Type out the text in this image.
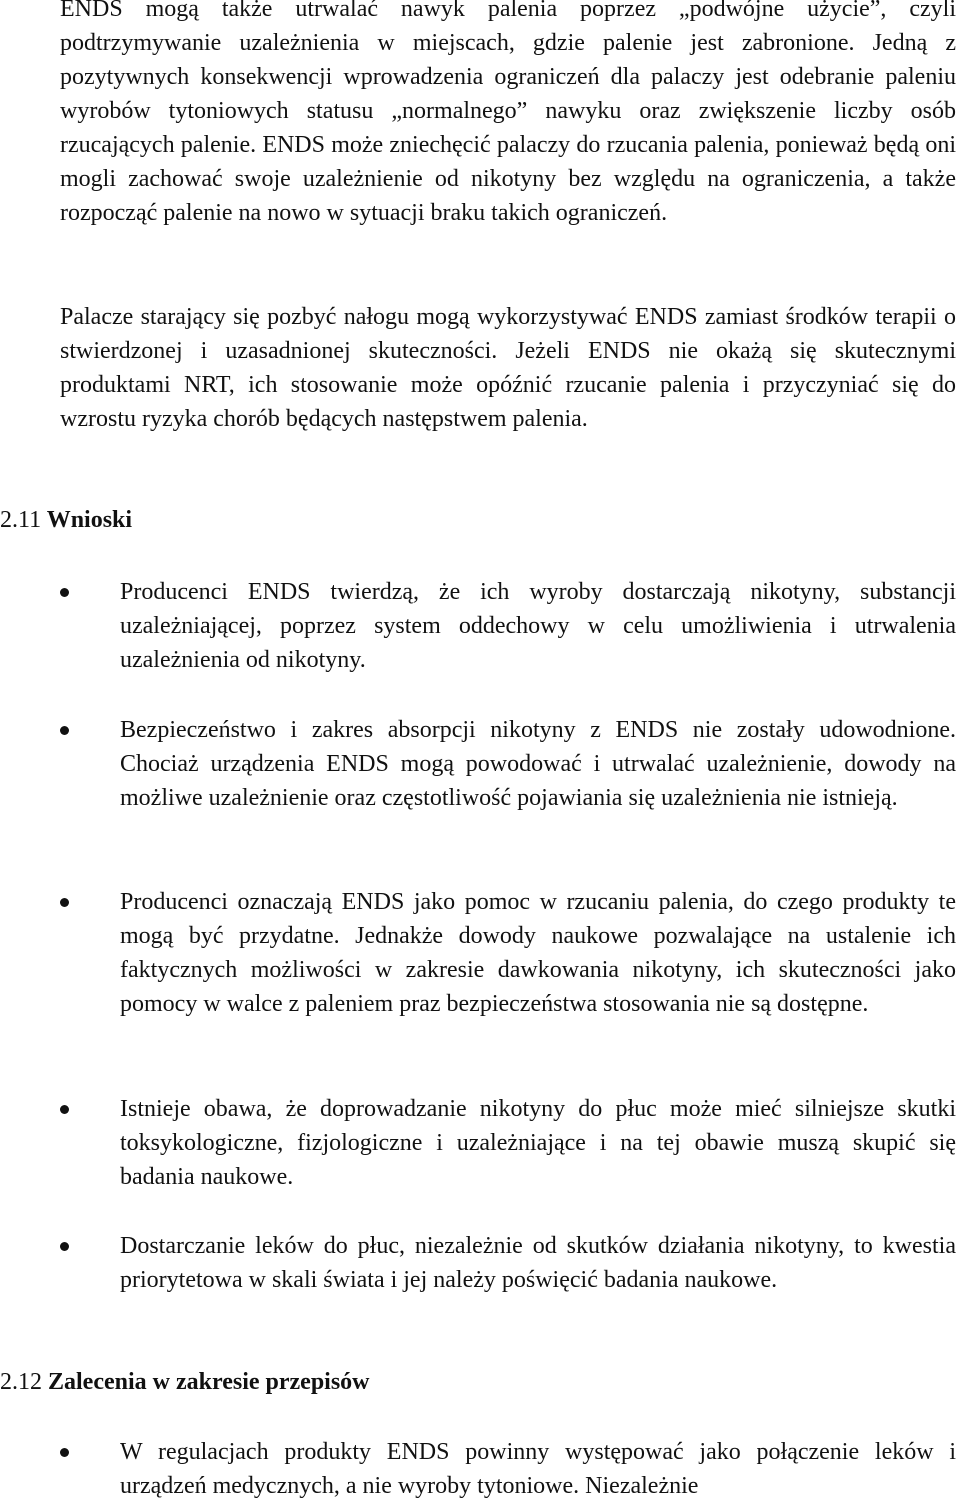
ENDS mogą także utrwalać nawyk palenia poprzez „podwójne użycie”, czyli podtrzymywanie uzależnienia w miejscach, gdzie palenie jest zabronione. Jedną z pozytywnych konsekwencji wprowadzenia ograniczeń dla palaczy jest odebranie paleniu wyrobów tytoniowych statusu „normalnego” nawyku oraz zwiększenie liczby osób rzucających palenie. ENDS może zniechęcić palaczy do rzucania palenia, ponieważ będą oni mogli zachować swoje uzależnienie od nikotyny bez względu na ograniczenia, a także rozpocząć palenie na nowo w sytuacji braku takich ograniczeń.

Palacze starający się pozbyć nałogu mogą wykorzystywać ENDS zamiast środków terapii o stwierdzonej i uzasadnionej skuteczności. Jeżeli ENDS nie okażą się skutecznymi produktami NRT, ich stosowanie może opóźnić rzucanie palenia i przyczyniać się do wzrostu ryzyka chorób będących następstwem palenia.

2.11 Wnioski
Producenci ENDS twierdzą, że ich wyroby dostarczają nikotyny, substancji uzależniającej, poprzez system oddechowy w celu umożliwienia i utrwalenia uzależnienia od nikotyny.
Bezpieczeństwo i zakres absorpcji nikotyny z ENDS nie zostały udowodnione. Chociaż urządzenia ENDS mogą powodować i utrwalać uzależnienie, dowody na możliwe uzależnienie oraz częstotliwość pojawiania się uzależnienia nie istnieją.
Producenci oznaczają ENDS jako pomoc w rzucaniu palenia, do czego produkty te mogą być przydatne. Jednakże dowody naukowe pozwalające na ustalenie ich faktycznych możliwości w zakresie dawkowania nikotyny, ich skuteczności jako pomocy w walce z paleniem praz bezpieczeństwa stosowania nie są dostępne.
Istnieje obawa, że doprowadzanie nikotyny do płuc może mieć silniejsze skutki toksykologiczne, fizjologiczne i uzależniające i na tej obawie muszą skupić się badania naukowe.
Dostarczanie leków do płuc, niezależnie od skutków działania nikotyny, to kwestia priorytetowa w skali świata i jej należy poświęcić badania naukowe.
2.12 Zalecenia w zakresie przepisów
W regulacjach produkty ENDS powinny występować jako połączenie leków i urządzeń medycznych, a nie wyroby tytoniowe. Niezależnie
